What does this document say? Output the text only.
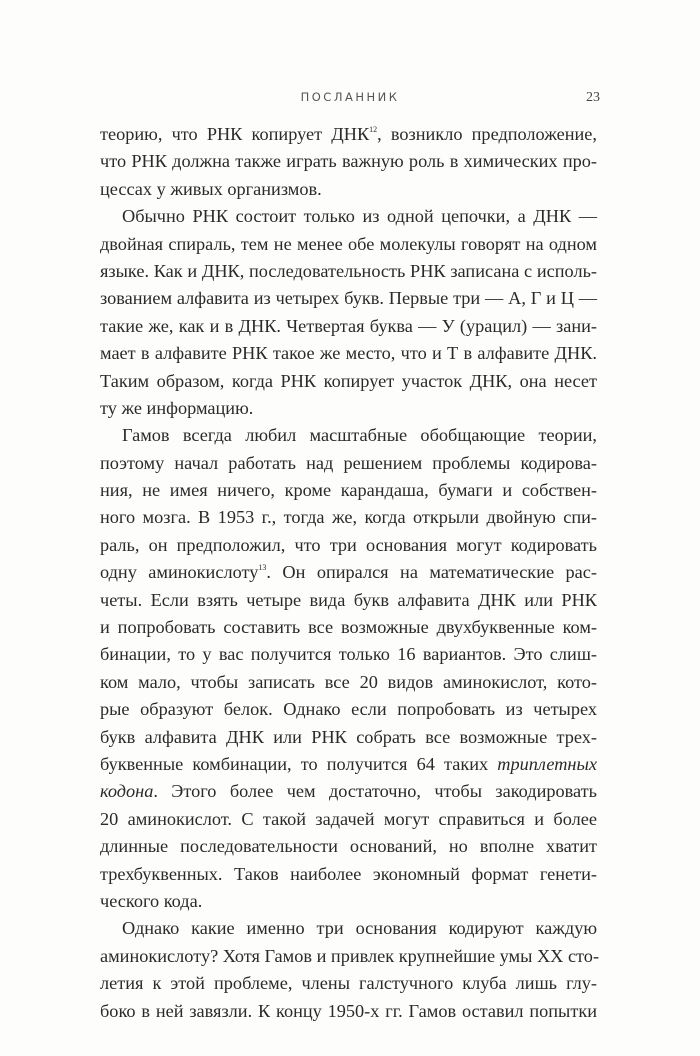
ПОСЛАННИК	23
теорию, что РНК копирует ДНК$^{12}$, возникло предположение,
что РНК должна также играть важную роль в химических про-
цессах у живых организмов.
Обычно РНК состоит только из одной цепочки, а ДНК —
двойная спираль, тем не менее обе молекулы говорят на одном
языке. Как и ДНК, последовательность РНК записана с исполь-
зованием алфавита из четырех букв. Первые три — А, Г и Ц —
такие же, как и в ДНК. Четвертая буква — У (урацил) — зани-
мает в алфавите РНК такое же место, что и Т в алфавите ДНК.
Таким образом, когда РНК копирует участок ДНК, она несет
ту же информацию.
Гамов всегда любил масштабные обобщающие теории,
поэтому начал работать над решением проблемы кодирова-
ния, не имея ничего, кроме карандаша, бумаги и собствен-
ного мозга. В 1953 г., тогда же, когда открыли двойную спи-
раль, он предположил, что три основания могут кодировать
одну аминокислоту$^{13}$. Он опирался на математические рас-
четы. Если взять четыре вида букв алфавита ДНК или РНК
и попробовать составить все возможные двухбуквенные ком-
бинации, то у вас получится только 16 вариантов. Это слиш-
ком мало, чтобы записать все 20 видов аминокислот, кото-
рые образуют белок. Однако если попробовать из четырех
букв алфавита ДНК или РНК собрать все возможные трех-
буквенные комбинации, то получится 64 таких триплетных
кодона. Этого более чем достаточно, чтобы закодировать
20 аминокислот. С такой задачей могут справиться и более
длинные последовательности оснований, но вполне хватит
трехбуквенных. Таков наиболее экономный формат генети-
ческого кода.
Однако какие именно три основания кодируют каждую
аминокислоту? Хотя Гамов и привлек крупнейшие умы XX сто-
летия к этой проблеме, члены галстучного клуба лишь глу-
боко в ней завязли. К концу 1950-х гг. Гамов оставил попытки
